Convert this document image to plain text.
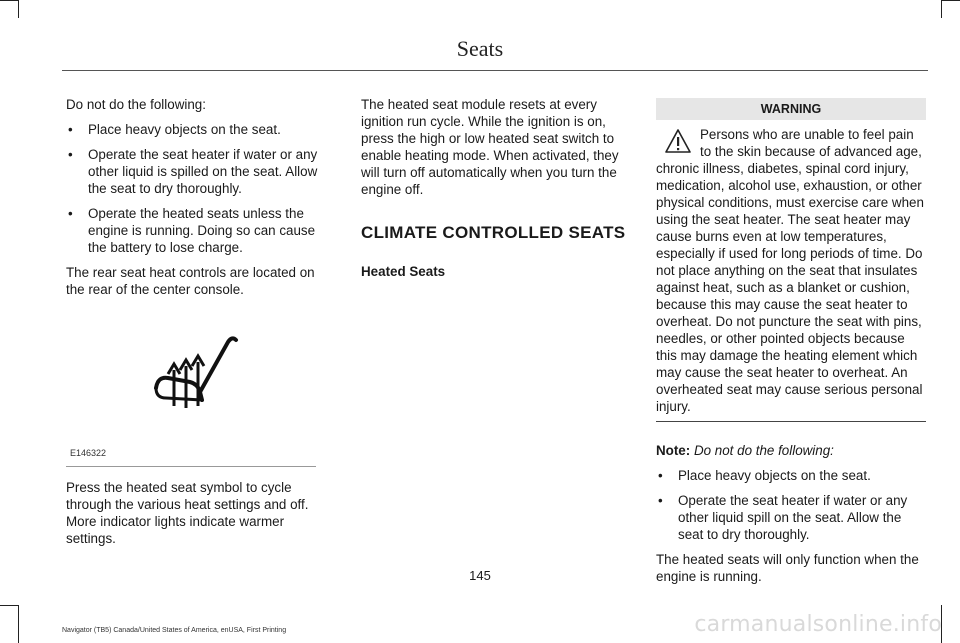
Seats

Do not do the following:

• Place heavy objects on the seat.
• Operate the seat heater if water or any other liquid is spilled on the seat. Allow the seat to dry thoroughly.
• Operate the heated seats unless the engine is running. Doing so can cause the battery to lose charge.

The rear seat heat controls are located on the rear of the center console.

E146322

Press the heated seat symbol to cycle through the various heat settings and off. More indicator lights indicate warmer settings.

The heated seat module resets at every ignition run cycle. While the ignition is on, press the high or low heated seat switch to enable heating mode. When activated, they will turn off automatically when you turn the engine off.

CLIMATE CONTROLLED SEATS
Heated Seats
WARNING
Persons who are unable to feel pain to the skin because of advanced age, chronic illness, diabetes, spinal cord injury, medication, alcohol use, exhaustion, or other physical conditions, must exercise care when using the seat heater. The seat heater may cause burns even at low temperatures, especially if used for long periods of time. Do not place anything on the seat that insulates against heat, such as a blanket or cushion, because this may cause the seat heater to overheat. Do not puncture the seat with pins, needles, or other pointed objects because this may damage the heating element which may cause the seat heater to overheat. An overheated seat may cause serious personal injury.

Note: Do not do the following:

• Place heavy objects on the seat.
• Operate the seat heater if water or any other liquid spill on the seat. Allow the seat to dry thoroughly.

The heated seats will only function when the engine is running.

145
Navigator (TB5) Canada/United States of America, enUSA, First Printing	carmanualsonline.info
